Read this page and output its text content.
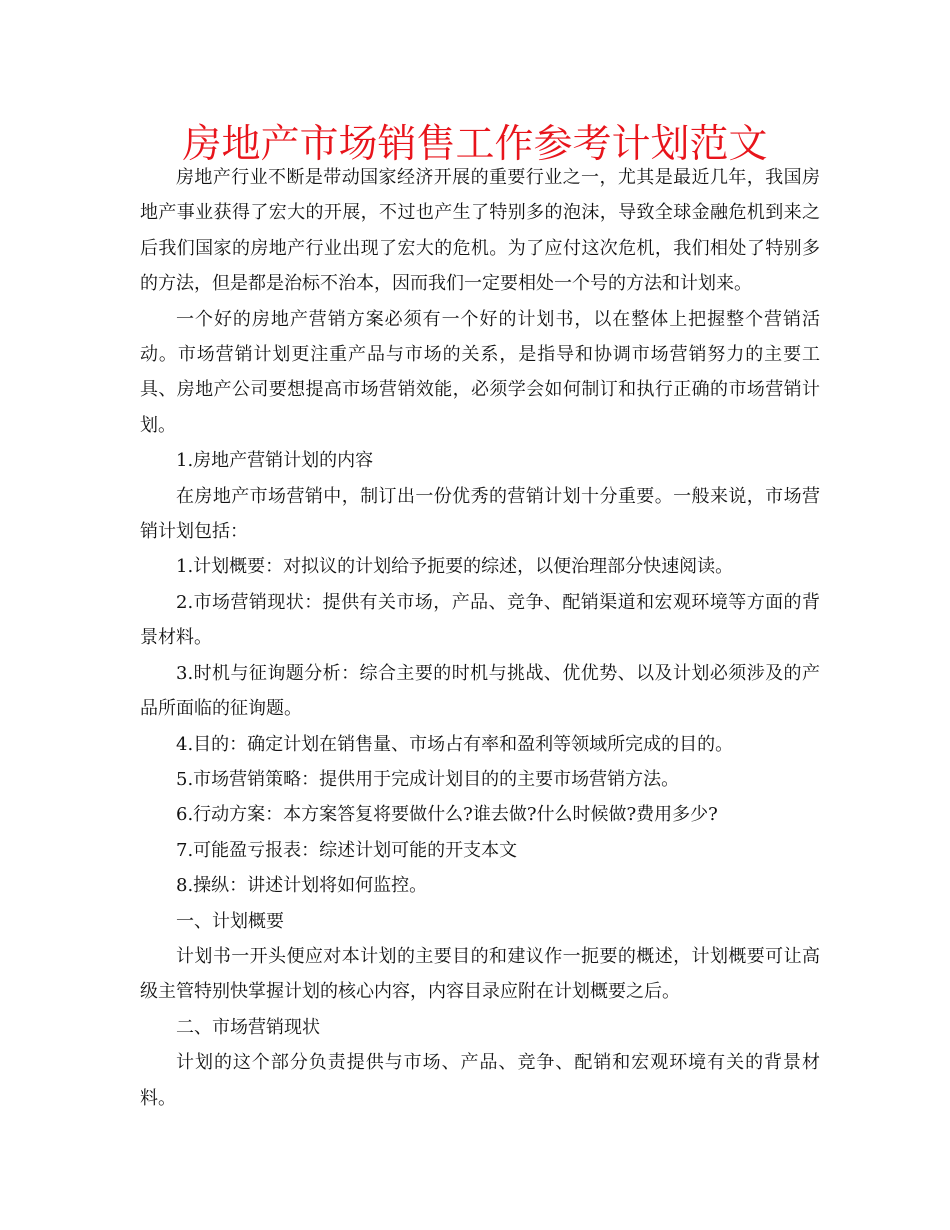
房地产市场销售工作参考计划范文

房地产行业不断是带动国家经济开展的重要行业之一，尤其是最近几年，我国房地产事业获得了宏大的开展，不过也产生了特别多的泡沫，导致全球金融危机到来之后我们国家的房地产行业出现了宏大的危机。为了应付这次危机，我们相处了特别多的方法，但是都是治标不治本，因而我们一定要相处一个号的方法和计划来。

一个好的房地产营销方案必须有一个好的计划书，以在整体上把握整个营销活动。市场营销计划更注重产品与市场的关系，是指导和协调市场营销努力的主要工具、房地产公司要想提高市场营销效能，必须学会如何制订和执行正确的市场营销计划。

1.房地产营销计划的内容

在房地产市场营销中，制订出一份优秀的营销计划十分重要。一般来说，市场营销计划包括：

1.计划概要：对拟议的计划给予扼要的综述，以便治理部分快速阅读。

2.市场营销现状：提供有关市场，产品、竞争、配销渠道和宏观环境等方面的背景材料。

3.时机与征询题分析：综合主要的时机与挑战、优优势、以及计划必须涉及的产品所面临的征询题。

4.目的：确定计划在销售量、市场占有率和盈利等领域所完成的目的。

5.市场营销策略：提供用于完成计划目的的主要市场营销方法。

6.行动方案：本方案答复将要做什么?谁去做?什么时候做?费用多少?

7.可能盈亏报表：综述计划可能的开支本文

8.操纵：讲述计划将如何监控。

一、计划概要

计划书一开头便应对本计划的主要目的和建议作一扼要的概述，计划概要可让高级主管特别快掌握计划的核心内容，内容目录应附在计划概要之后。

二、市场营销现状

计划的这个部分负责提供与市场、产品、竞争、配销和宏观环境有关的背景材料。
